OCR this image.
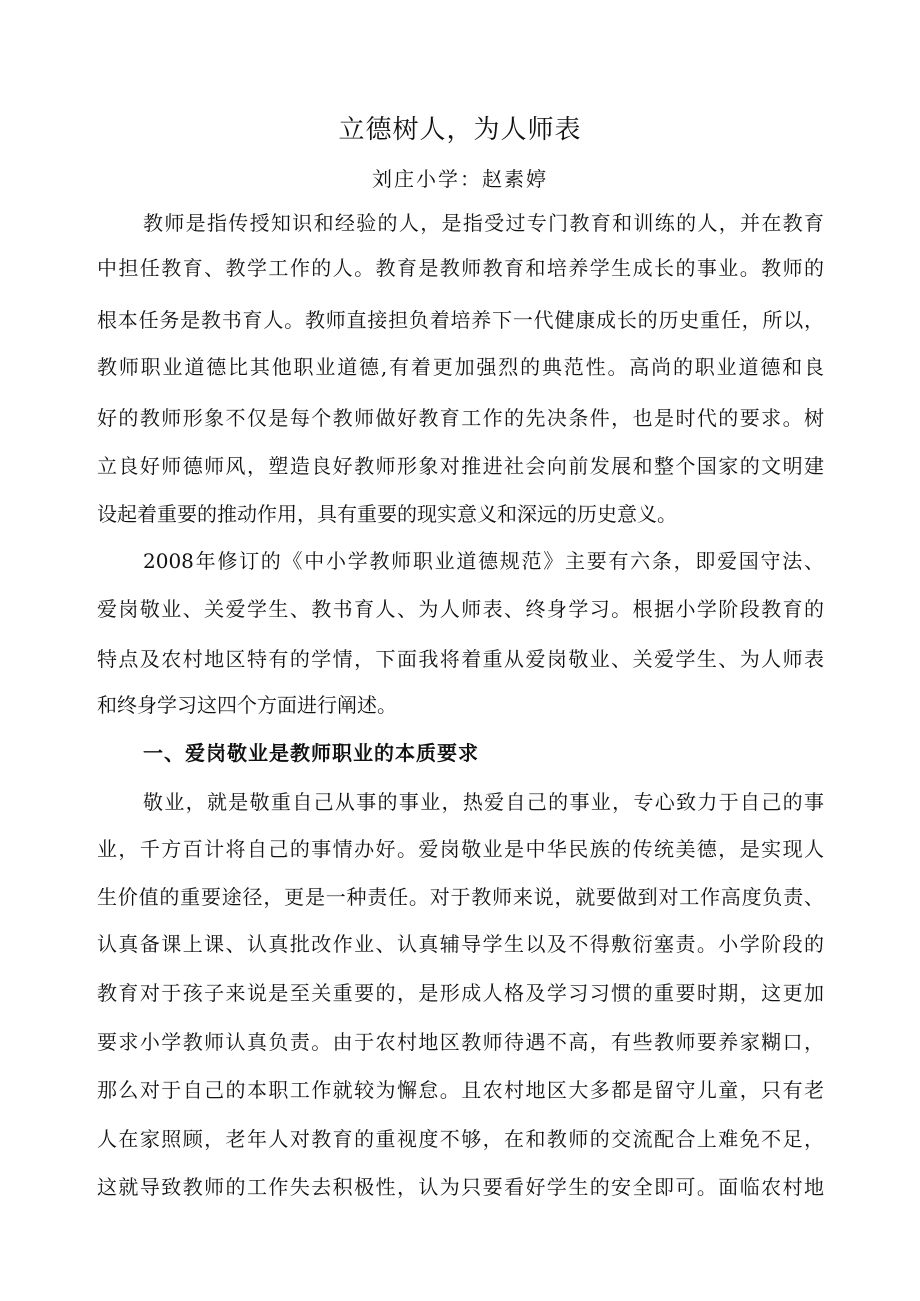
立德树人，为人师表
刘庄小学：赵素婷
教师是指传授知识和经验的人，是指受过专门教育和训练的人，并在教育
中担任教育、教学工作的人。教育是教师教育和培养学生成长的事业。教师的
根本任务是教书育人。教师直接担负着培养下一代健康成长的历史重任，所以，
教师职业道德比其他职业道德,有着更加强烈的典范性。高尚的职业道德和良
好的教师形象不仅是每个教师做好教育工作的先决条件，也是时代的要求。树
立良好师德师风，塑造良好教师形象对推进社会向前发展和整个国家的文明建
设起着重要的推动作用，具有重要的现实意义和深远的历史意义。
2008年修订的《中小学教师职业道德规范》主要有六条，即爱国守法、
爱岗敬业、关爱学生、教书育人、为人师表、终身学习。根据小学阶段教育的
特点及农村地区特有的学情，下面我将着重从爱岗敬业、关爱学生、为人师表
和终身学习这四个方面进行阐述。
一、爱岗敬业是教师职业的本质要求
敬业，就是敬重自己从事的事业，热爱自己的事业，专心致力于自己的事
业，千方百计将自己的事情办好。爱岗敬业是中华民族的传统美德，是实现人
生价值的重要途径，更是一种责任。对于教师来说，就要做到对工作高度负责、
认真备课上课、认真批改作业、认真辅导学生以及不得敷衍塞责。小学阶段的
教育对于孩子来说是至关重要的，是形成人格及学习习惯的重要时期，这更加
要求小学教师认真负责。由于农村地区教师待遇不高，有些教师要养家糊口，
那么对于自己的本职工作就较为懈怠。且农村地区大多都是留守儿童，只有老
人在家照顾，老年人对教育的重视度不够，在和教师的交流配合上难免不足，
这就导致教师的工作失去积极性，认为只要看好学生的安全即可。面临农村地
